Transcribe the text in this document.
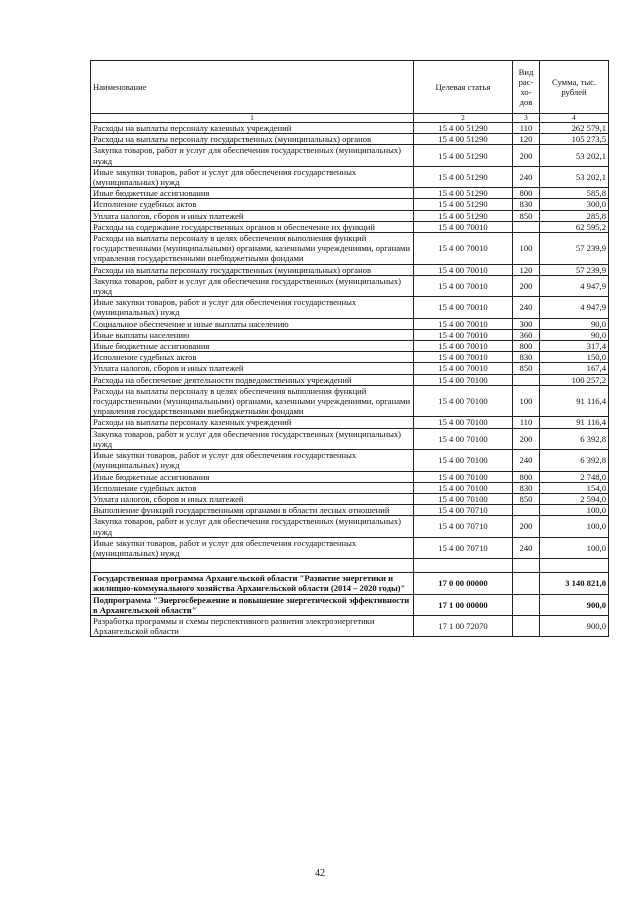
Наименование	Целевая статья	Вид рас- хо- дов	Сумма, тыс. рублей
1	2	3	4
Расходы на выплаты персоналу казенных учреждений	15 4 00 51290	110	262 579,1
Расходы на выплаты персоналу государственных (муниципальных) органов	15 4 00 51290	120	105 273,5
Закупка товаров, работ и услуг для обеспечения государственных (муниципальных) нужд	15 4 00 51290	200	53 202,1
Иные закупки товаров, работ и услуг для обеспечения государственных (муниципальных) нужд	15 4 00 51290	240	53 202,1
Иные бюджетные ассигнования	15 4 00 51290	800	585,8
Исполнение судебных актов	15 4 00 51290	830	300,0
Уплата налогов, сборов и иных платежей	15 4 00 51290	850	285,8
Расходы на содержание государственных органов и обеспечение их функций	15 4 00 70010		62 595,2
Расходы на выплаты персоналу в целях обеспечения выполнения функций государственными (муниципальными) органами, казенными учреждениями, органами управления государственными внебюджетными фондами	15 4 00 70010	100	57 239,9
Расходы на выплаты персоналу государственных (муниципальных) органов	15 4 00 70010	120	57 239,9
Закупка товаров, работ и услуг для обеспечения государственных (муниципальных) нужд	15 4 00 70010	200	4 947,9
Иные закупки товаров, работ и услуг для обеспечения государственных (муниципальных) нужд	15 4 00 70010	240	4 947,9
Социальное обеспечение и иные выплаты населению	15 4 00 70010	300	90,0
Иные выплаты населению	15 4 00 70010	360	90,0
Иные бюджетные ассигнования	15 4 00 70010	800	317,4
Исполнение судебных актов	15 4 00 70010	830	150,0
Уплата налогов, сборов и иных платежей	15 4 00 70010	850	167,4
Расходы на обеспечение деятельности подведомственных учреждений	15 4 00 70100		100 257,2
Расходы на выплаты персоналу в целях обеспечения выполнения функций государственными (муниципальными) органами, казенными учреждениями, органами управления государственными внебюджетными фондами	15 4 00 70100	100	91 116,4
Расходы на выплаты персоналу казенных учреждений	15 4 00 70100	110	91 116,4
Закупка товаров, работ и услуг для обеспечения государственных (муниципальных) нужд	15 4 00 70100	200	6 392,8
Иные закупки товаров, работ и услуг для обеспечения государственных (муниципальных) нужд	15 4 00 70100	240	6 392,8
Иные бюджетные ассигнования	15 4 00 70100	800	2 748,0
Исполнение судебных актов	15 4 00 70100	830	154,0
Уплата налогов, сборов и иных платежей	15 4 00 70100	850	2 594,0
Выполнение функций государственными органами в области лесных отношений	15 4 00 70710		100,0
Закупка товаров, работ и услуг для обеспечения государственных (муниципальных) нужд	15 4 00 70710	200	100,0
Иные закупки товаров, работ и услуг для обеспечения государственных (муниципальных) нужд	15 4 00 70710	240	100,0

Государственная программа Архангельской области "Развитие энергетики и жилищно-коммунального хозяйства Архангельской области (2014 – 2020 годы)"	17 0 00 00000		3 140 821,0
Подпрограмма "Энергосбережение и повышение энергетической эффективности в Архангельской области"	17 1 00 00000		900,0
Разработка программы и схемы перспективного развития электроэнергетики Архангельской области	17 1 00 72070		900,0
42
